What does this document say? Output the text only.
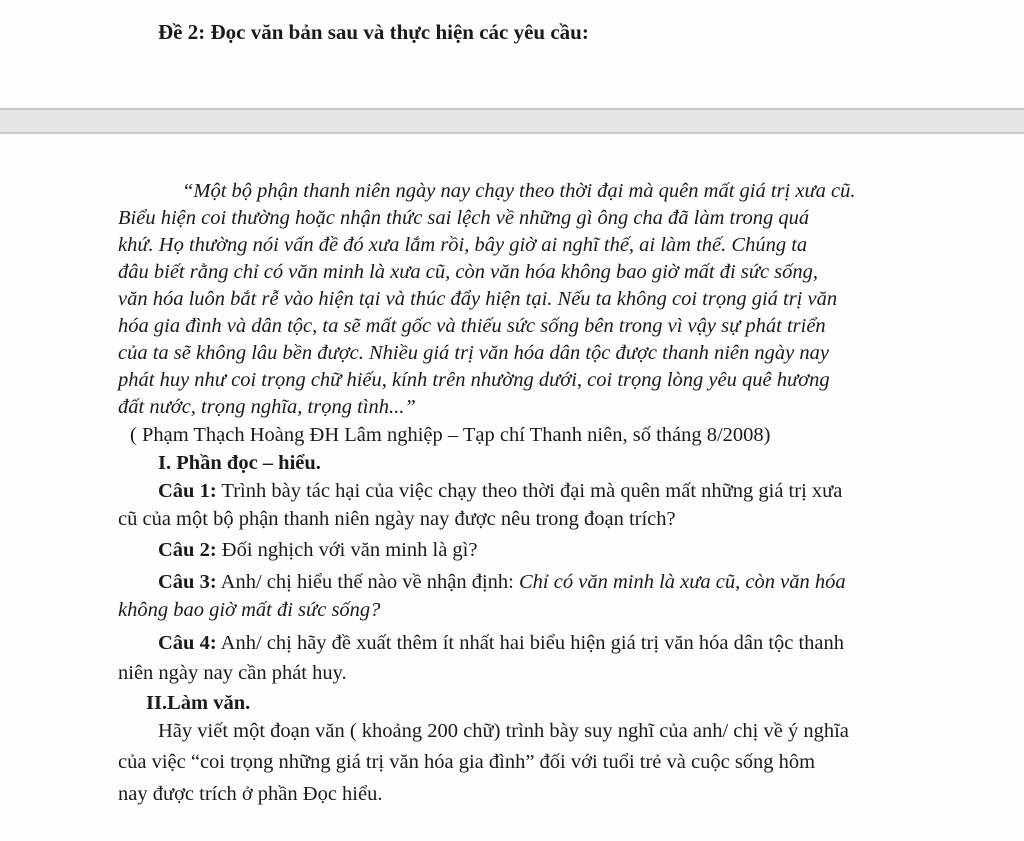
Đề 2: Đọc văn bản sau và thực hiện các yêu cầu:
“Một bộ phận thanh niên ngày nay chạy theo thời đại mà quên mất giá trị xưa cũ.
Biểu hiện coi thường hoặc nhận thức sai lệch về những gì ông cha đã làm trong quá
khứ. Họ thường nói vấn đề đó xưa lắm rồi, bây giờ ai nghĩ thế, ai làm thế. Chúng ta
đâu biết rằng chỉ có văn minh là xưa cũ, còn văn hóa không bao giờ mất đi sức sống,
văn hóa luôn bắt rễ vào hiện tại và thúc đẩy hiện tại. Nếu ta không coi trọng giá trị văn
hóa gia đình và dân tộc, ta sẽ mất gốc và thiếu sức sống bên trong vì vậy sự phát triển
của ta sẽ không lâu bền được. Nhiều giá trị văn hóa dân tộc được thanh niên ngày nay
phát huy như coi trọng chữ hiếu, kính trên nhường dưới, coi trọng lòng yêu quê hương
đất nước, trọng nghĩa, trọng tình...”
( Phạm Thạch Hoàng ĐH Lâm nghiệp – Tạp chí Thanh niên, số tháng 8/2008)
I. Phần đọc – hiểu.
Câu 1: Trình bày tác hại của việc chạy theo thời đại mà quên mất những giá trị xưa
cũ của một bộ phận thanh niên ngày nay được nêu trong đoạn trích?
Câu 2: Đối nghịch với văn minh là gì?
Câu 3: Anh/ chị hiểu thế nào về nhận định: Chỉ có văn minh là xưa cũ, còn văn hóa
không bao giờ mất đi sức sống?
Câu 4: Anh/ chị hãy đề xuất thêm ít nhất hai biểu hiện giá trị văn hóa dân tộc thanh
niên ngày nay cần phát huy.
II.Làm văn.
Hãy viết một đoạn văn ( khoảng 200 chữ) trình bày suy nghĩ của anh/ chị về ý nghĩa
của việc “coi trọng những giá trị văn hóa gia đình” đối với tuổi trẻ và cuộc sống hôm
nay được trích ở phần Đọc hiểu.
